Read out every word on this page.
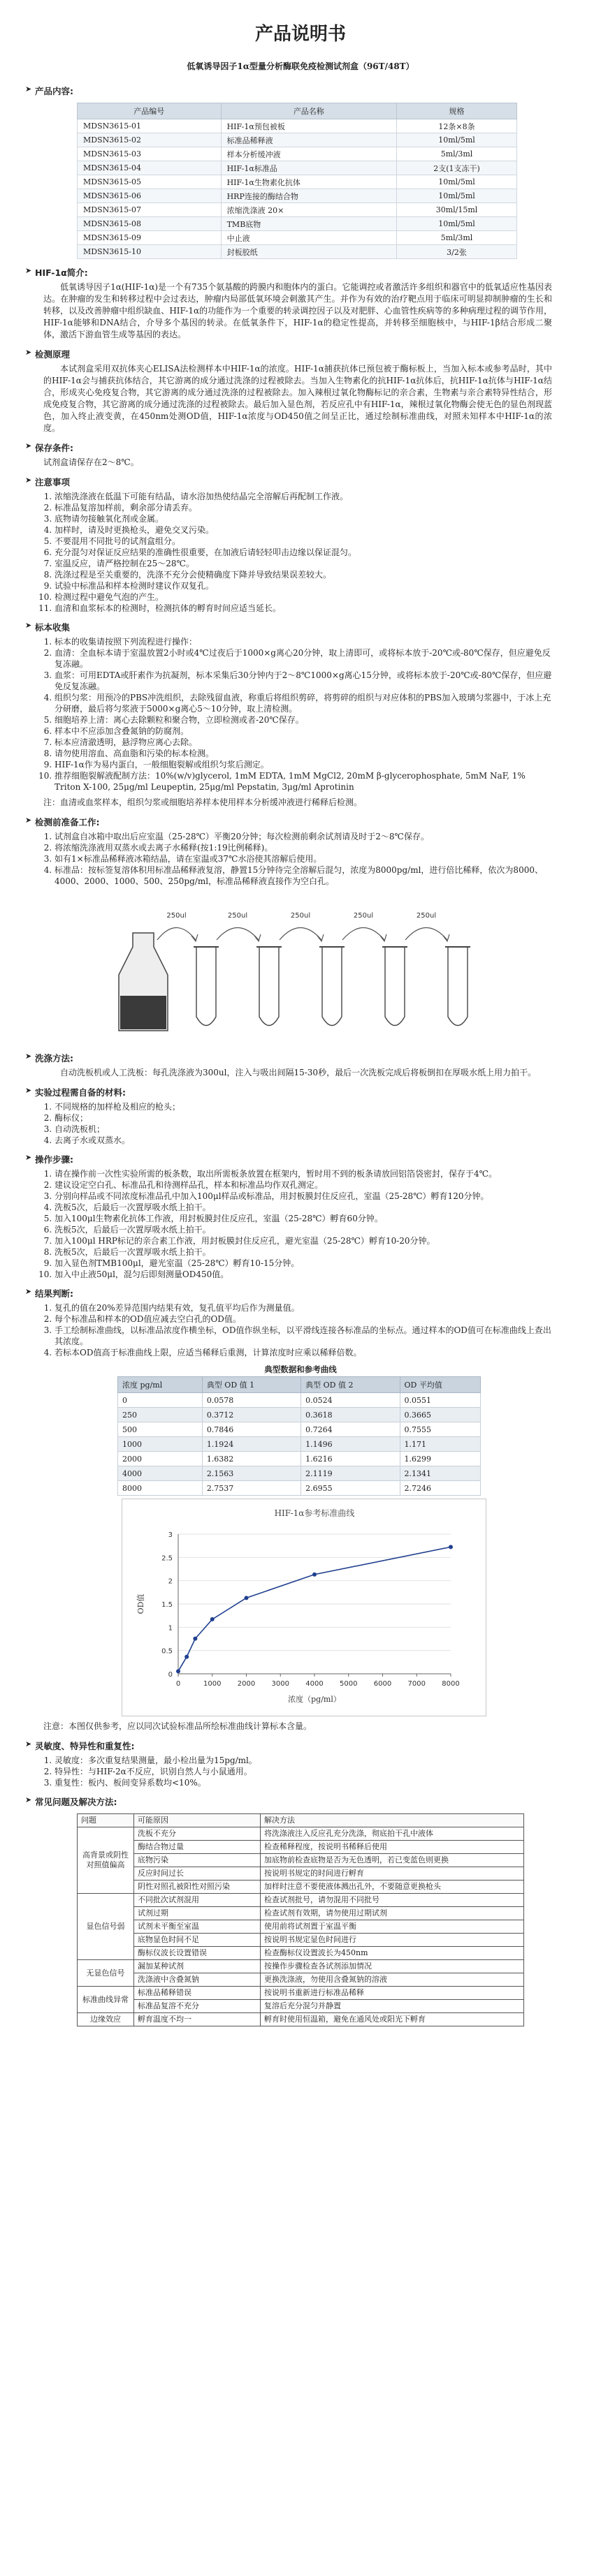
产品说明书
低氧诱导因子1α型量分析酶联免疫检测试剂盒（96T/48T）
➤ 产品内容:
产品编号	产品名称	规格
MDSN3615-01	HIF-1α预包被板	12条×8条
MDSN3615-02	标准品稀释液	10ml/5ml
MDSN3615-03	样本分析缓冲液	5ml/3ml
MDSN3615-04	HIF-1α标准品	2支(1支冻干)
MDSN3615-05	HIF-1α生物素化抗体	10ml/5ml
MDSN3615-06	HRP连接的酶结合物	10ml/5ml
MDSN3615-07	浓缩洗涤液 20×	30ml/15ml
MDSN3615-08	TMB底物	10ml/5ml
MDSN3615-09	中止液	5ml/3ml
MDSN3615-10	封板胶纸	3/2张
➤ HIF-1α简介:

低氧诱导因子1α(HIF-1α)是一个有735个氨基酸的跨膜内和胞体内的蛋白。它能调控或者激活许多组织和器官中的低氧适应性基因表达。在肿瘤的发生和转移过程中会过表达，肿瘤内局部低氧环境会刺激其产生。并作为有效的治疗靶点用于临床可明显抑制肿瘤的生长和转移，以及改善肿瘤中组织缺血、HIF-1α的功能作为一个重要的转录调控因子以及对肥胖、心血管性疾病等的多种病理过程的调节作用，HIF-1α能够和DNA结合，介导多个基因的转录。在低氧条件下，HIF-1α的稳定性提高，并转移至细胞核中，与HIF-1β结合形成二聚体，激活下游血管生成等基因的表达。

➤ 检测原理

本试剂盒采用双抗体夹心ELISA法检测样本中HIF-1α的浓度。HIF-1α捕获抗体已预包被于酶标板上，当加入标本或参考品时，其中的HIF-1α会与捕获抗体结合，其它游离的成分通过洗涤的过程被除去。当加入生物素化的抗HIF-1α抗体后，抗HIF-1α抗体与HIF-1α结合，形成夹心免疫复合物，其它游离的成分通过洗涤的过程被除去。加入辣根过氧化物酶标记的亲合素，生物素与亲合素特异性结合，形成免疫复合物，其它游离的成分通过洗涤的过程被除去。最后加入显色剂，若反应孔中有HIF-1α，辣根过氧化物酶会使无色的显色剂现蓝色，加入终止液变黄，在450nm处测OD值，HIF-1α浓度与OD450值之间呈正比，通过绘制标准曲线，对照未知样本中HIF-1α的浓度。

➤ 保存条件:
试剂盒请保存在2～8℃。
➤ 注意事项
1. 浓缩洗涤液在低温下可能有结晶，请水浴加热使结晶完全溶解后再配制工作液。
2. 标准品复溶加样前，剩余部分请丢弃。
3. 底物请勿接触氧化剂或金属。
4. 加样时，请及时更换枪头，避免交叉污染。
5. 不要混用不同批号的试剂盒组分。
6. 充分混匀对保证反应结果的准确性很重要，在加液后请轻轻叩击边缘以保证混匀。
7. 室温反应，请严格控制在25～28℃。
8. 洗涤过程是至关重要的，洗涤不充分会使精确度下降并导致结果误差较大。
9. 试验中标准品和样本检测时建议作双复孔。
10. 检测过程中避免气泡的产生。
11. 血清和血浆标本的检测时，检测抗体的孵育时间应适当延长。
➤ 标本收集
1. 标本的收集请按照下列流程进行操作：
2. 血清：全血标本请于室温放置2小时或4℃过夜后于1000×g离心20分钟，取上清即可，或将标本放于-20℃或-80℃保存，但应避免反复冻融。
3. 血浆：可用EDTA或肝素作为抗凝剂，标本采集后30分钟内于2～8℃1000×g离心15分钟，或将标本放于-20℃或-80℃保存，但应避免反复冻融。
4. 组织匀浆：用预冷的PBS冲洗组织，去除残留血液，称重后将组织剪碎，将剪碎的组织与对应体积的PBS加入玻璃匀浆器中，于冰上充分研磨，最后将匀浆液于5000×g离心5～10分钟，取上清检测。
5. 细胞培养上清：离心去除颗粒和聚合物，立即检测或者-20℃保存。
6. 样本中不应添加含叠氮钠的防腐剂。
7. 标本应清澈透明，悬浮物应离心去除。
8. 请勿使用溶血、高血脂和污染的标本检测。
9. HIF-1α作为易内蛋白，一般细胞裂解或组织匀浆后测定。
10. 推荐细胞裂解液配制方法：10%(w/v)glycerol, 1mM EDTA, 1mM MgCl2, 20mM β-glycerophosphate, 5mM NaF, 1% Triton X-100, 25μg/ml Leupeptin, 25μg/ml Pepstatin, 3μg/ml Aprotinin
注：血清或血浆样本，组织匀浆或细胞培养样本使用样本分析缓冲液进行稀释后检测。
➤ 检测前准备工作:
1. 试剂盒自冰箱中取出后应室温（25-28℃）平衡20分钟；每次检测前剩余试剂请及时于2～8℃保存。
2. 将浓缩洗涤液用双蒸水或去离子水稀释(按1:19比例稀释)。
3. 如有1×标准品稀释液冰箱结晶，请在室温或37℃水浴使其溶解后使用。
4. 标准品：按标签复溶体积用标准品稀释液复溶，静置15分钟待完全溶解后混匀，浓度为8000pg/ml，进行倍比稀释，依次为8000、4000、2000、1000、500、250pg/ml，标准品稀释液直接作为空白孔。
250ul	250ul	250ul	250ul	250ul
➤ 洗涤方法:

自动洗板机或人工洗板：每孔洗涤液为300ul，注入与吸出间隔15-30秒，最后一次洗板完成后将板倒扣在厚吸水纸上用力拍干。

➤ 实验过程需自备的材料:
1. 不同规格的加样枪及相应的枪头；
2. 酶标仪；
3. 自动洗板机；
4. 去离子水或双蒸水。
➤ 操作步骤:
1. 请在操作前一次性实验所需的板条数，取出所需板条放置在框架内，暂时用不到的板条请放回铝箔袋密封，保存于4℃。
2. 建议设定空白孔、标准品孔和待测样品孔，样本和标准品均作双孔测定。
3. 分别向样品或不同浓度标准品孔中加入100μl样品或标准品，用封板膜封住反应孔，室温（25-28℃）孵育120分钟。
4. 洗板5次，后最后一次置厚吸水纸上拍干。
5. 加入100μl生物素化抗体工作液，用封板膜封住反应孔，室温（25-28℃）孵育60分钟。
6. 洗板5次，后最后一次置厚吸水纸上拍干。
7. 加入100μl HRP标记的亲合素工作液，用封板膜封住反应孔，避光室温（25-28℃）孵育10-20分钟。
8. 洗板5次，后最后一次置厚吸水纸上拍干。
9. 加入显色剂TMB100μl，避光室温（25-28℃）孵育10-15分钟。
10. 加入中止液50μl，混匀后即刻测量OD450值。
➤ 结果判断:
1. 复孔的值在20%差异范围内结果有效，复孔值平均后作为测量值。
2. 每个标准品和样本的OD值应减去空白孔的OD值。
3. 手工绘制标准曲线，以标准品浓度作横坐标，OD值作纵坐标，以平滑线连接各标准品的坐标点。通过样本的OD值可在标准曲线上查出其浓度。
4. 若标本OD值高于标准曲线上限，应适当稀释后重测，计算浓度时应乘以稀释倍数。
典型数据和参考曲线
浓度 pg/ml	典型 OD 值 1	典型 OD 值 2	OD 平均值
0	0.0578	0.0524	0.0551
250	0.3712	0.3618	0.3665
500	0.7846	0.7264	0.7555
1000	1.1924	1.1496	1.171
2000	1.6382	1.6216	1.6299
4000	2.1563	2.1119	2.1341
8000	2.7537	2.6955	2.7246
HIF-1α参考标准曲线
0
0.5
1
1.5
2
2.5
3
0	1000 2000 3000 4000 5000 6000 7000 8000
OD值
浓度（pg/ml）
注意：本图仅供参考，应以同次试验标准品所绘标准曲线计算标本含量。
➤ 灵敏度、特异性和重复性:
1. 灵敏度：多次重复结果测量，最小检出量为15pg/ml。
2. 特异性：与HIF-2α不反应，识别自然人与小鼠通用。
3. 重复性：板内、板间变异系数均<10%。
➤ 常见问题及解决方法:
问题	可能原因	解决方法
高背景或阴性对照值偏高	洗板不充分	将洗涤液注入反应孔充分洗涤，彻底拍干孔中液体
	酶结合物过量	检查稀释程度，按说明书稀释后使用
	底物污染	加底物前检查底物是否为无色透明，若已变蓝色则更换
	反应时间过长	按说明书规定的时间进行孵育
	阴性对照孔被阳性对照污染	加样时注意不要使液体溅出孔外，不要随意更换枪头
显色信号弱	不同批次试剂混用	检查试剂批号，请勿混用不同批号
	试剂过期	检查试剂有效期，请勿使用过期试剂
	试剂未平衡至室温	使用前将试剂置于室温平衡
	底物显色时间不足	按说明书规定显色时间进行
	酶标仪波长设置错误	检查酶标仪设置波长为450nm
无显色信号	漏加某种试剂	按操作步骤检查各试剂添加情况
	洗涤液中含叠氮钠	更换洗涤液，勿使用含叠氮钠的溶液
标准曲线异常	标准品稀释错误	按说明书重新进行标准品稀释
	标准品复溶不充分	复溶后充分混匀并静置
边缘效应	孵育温度不均一	孵育时使用恒温箱，避免在通风处或阳光下孵育
